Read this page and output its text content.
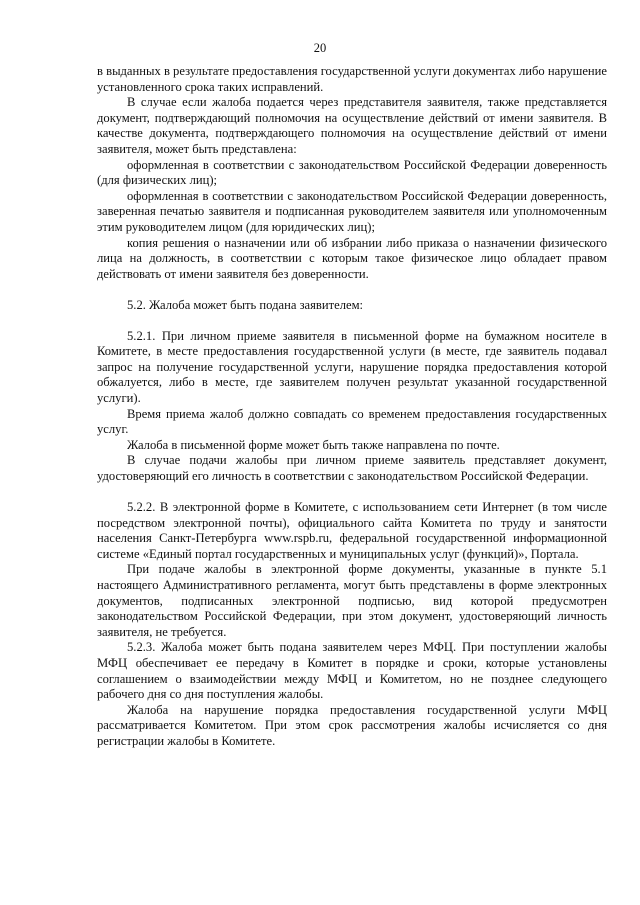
20

в выданных в результате предоставления государственной услуги документах либо нарушение установленного срока таких исправлений.

В случае если жалоба подается через представителя заявителя, также представляется документ, подтверждающий полномочия на осуществление действий от имени заявителя. В качестве документа, подтверждающего полномочия на осуществление действий от имени заявителя, может быть представлена:

оформленная в соответствии с законодательством Российской Федерации доверенность (для физических лиц);

оформленная в соответствии с законодательством Российской Федерации доверенность, заверенная печатью заявителя и подписанная руководителем заявителя или уполномоченным этим руководителем лицом (для юридических лиц);

копия решения о назначении или об избрании либо приказа о назначении физического лица на должность, в соответствии с которым такое физическое лицо обладает правом действовать от имени заявителя без доверенности.

5.2. Жалоба может быть подана заявителем:

5.2.1. При личном приеме заявителя в письменной форме на бумажном носителе в Комитете, в месте предоставления государственной услуги (в месте, где заявитель подавал запрос на получение государственной услуги, нарушение порядка предоставления которой обжалуется, либо в месте, где заявителем получен результат указанной государственной услуги).

Время приема жалоб должно совпадать со временем предоставления государственных услуг.

Жалоба в письменной форме может быть также направлена по почте.

В случае подачи жалобы при личном приеме заявитель представляет документ, удостоверяющий его личность в соответствии с законодательством Российской Федерации.

5.2.2. В электронной форме в Комитете, с использованием сети Интернет (в том числе посредством электронной почты), официального сайта Комитета по труду и занятости населения Санкт-Петербурга www.rspb.ru, федеральной государственной информационной системе «Единый портал государственных и муниципальных услуг (функций)», Портала.

При подаче жалобы в электронной форме документы, указанные в пункте 5.1 настоящего Административного регламента, могут быть представлены в форме электронных документов, подписанных электронной подписью, вид которой предусмотрен законодательством Российской Федерации, при этом документ, удостоверяющий личность заявителя, не требуется.

5.2.3. Жалоба может быть подана заявителем через МФЦ. При поступлении жалобы МФЦ обеспечивает ее передачу в Комитет в порядке и сроки, которые установлены соглашением о взаимодействии между МФЦ и Комитетом, но не позднее следующего рабочего дня со дня поступления жалобы.

Жалоба на нарушение порядка предоставления государственной услуги МФЦ рассматривается Комитетом. При этом срок рассмотрения жалобы исчисляется со дня регистрации жалобы в Комитете.
